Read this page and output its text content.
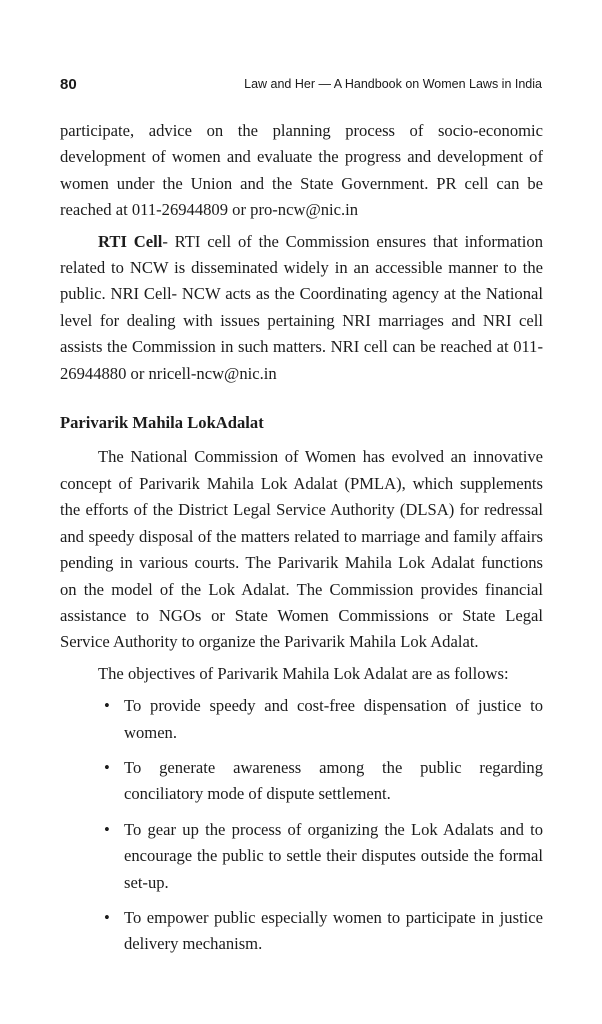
80	Law and Her — A Handbook on Women Laws in India

participate, advice on the planning process of socio-economic development of women and evaluate the progress and development of women under the Union and the State Government. PR cell can be reached at 011-26944809 or pro-ncw@nic.in

RTI Cell- RTI cell of the Commission ensures that information related to NCW is disseminated widely in an accessible manner to the public. NRI Cell- NCW acts as the Coordinating agency at the National level for dealing with issues pertaining NRI marriages and NRI cell assists the Commission in such matters. NRI cell can be reached at 011-26944880 or nricell-ncw@nic.in

Parivarik Mahila LokAdalat

The National Commission of Women has evolved an innovative concept of Parivarik Mahila Lok Adalat (PMLA), which supplements the efforts of the District Legal Service Authority (DLSA) for redressal and speedy disposal of the matters related to marriage and family affairs pending in various courts. The Parivarik Mahila Lok Adalat functions on the model of the Lok Adalat. The Commission provides financial assistance to NGOs or State Women Commissions or State Legal Service Authority to organize the Parivarik Mahila Lok Adalat.

The objectives of Parivarik Mahila Lok Adalat are as follows:

• To provide speedy and cost-free dispensation of justice to women.
• To generate awareness among the public regarding conciliatory mode of dispute settlement.
• To gear up the process of organizing the Lok Adalats and to encourage the public to settle their disputes outside the formal set-up.
• To empower public especially women to participate in justice delivery mechanism.
